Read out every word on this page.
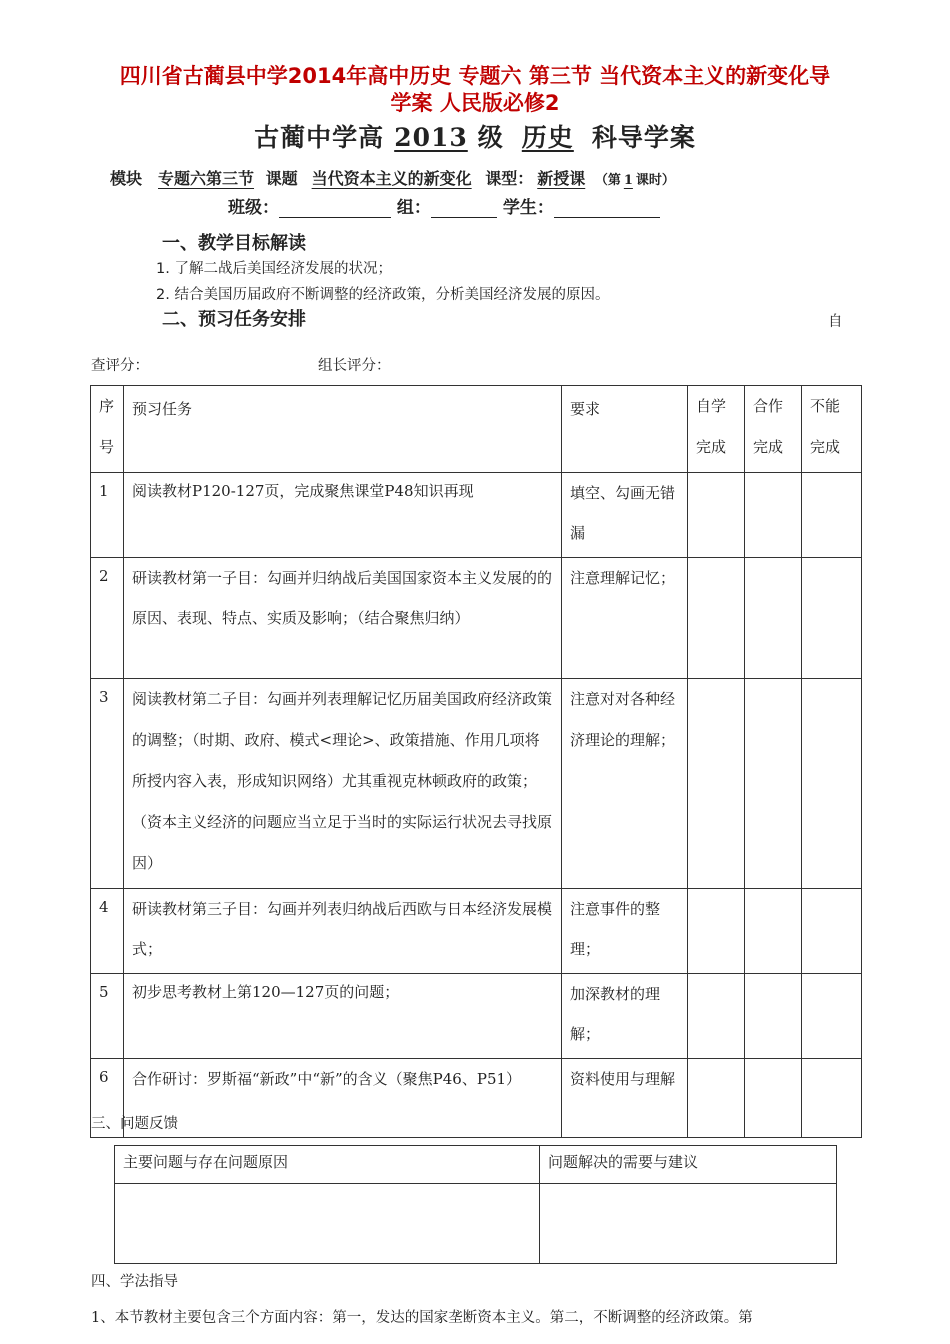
四川省古蔺县中学2014年高中历史 专题六 第三节 当代资本主义的新变化导
学案 人民版必修2
古蔺中学高 2013 级 历史 科导学案
模块 专题六第三节 课题 当代资本主义的新变化 课型： 新授课 （第 1 课时）
班级：	组：	学生：
一、教学目标解读
1. 了解二战后美国经济发展的状况；
2. 结合美国历届政府不断调整的经济政策，分析美国经济发展的原因。
二、预习任务安排	自
查评分：	组长评分：
序号	预习任务	要求	自学完成	合作完成	不能完成
1	阅读教材P120-127页，完成聚焦课堂P48知识再现	填空、勾画无错漏			
2	研读教材第一子目：勾画并归纳战后美国国家资本主义发展的的原因、表现、特点、实质及影响；（结合聚焦归纳）	注意理解记忆；			
3	阅读教材第二子目：勾画并列表理解记忆历届美国政府经济政策的调整；（时期、政府、模式<理论>、政策措施、作用几项将所授内容入表，形成知识网络）尤其重视克林顿政府的政策；（资本主义经济的问题应当立足于当时的实际运行状况去寻找原因）	注意对对各种经济理论的理解；			
4	研读教材第三子目：勾画并列表归纳战后西欧与日本经济发展模式；	注意事件的整理；			
5	初步思考教材上第120—127页的问题；	加深教材的理解；			
6	合作研讨：罗斯福“新政”中“新”的含义（聚焦P46、P51）	资料使用与理解			
三、问题反馈
主要问题与存在问题原因	问题解决的需要与建议

四、学法指导
1、本节教材主要包含三个方面内容：第一，发达的国家垄断资本主义。第二，不断调整的经济政策。第
